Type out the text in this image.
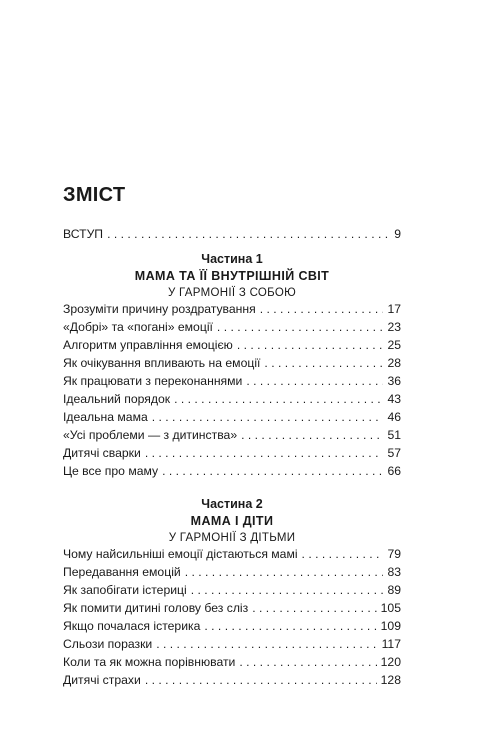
ЗМІСТ
ВСТУП . . .	9
Частина 1
МАМА ТА ЇЇ ВНУТРІШНІЙ СВІТ
У ГАРМОНІЇ З СОБОЮ
Зрозуміти причину роздратування . . .	17
«Добрі» та «погані» емоції . . .	23
Алгоритм управління емоцією . . .	25
Як очікування впливають на емоції . . .	28
Як працювати з переконаннями . . .	36
Ідеальний порядок . . .	43
Ідеальна мама . . .	46
«Усі проблеми — з дитинства» . . .	51
Дитячі сварки . . .	57
Це все про маму . . .	66
Частина 2
МАМА І ДІТИ
У ГАРМОНІЇ З ДІТЬМИ
Чому найсильніші емоції дістаються мамі . . .	79
Передавання емоцій . . .	83
Як запобігати істериці . . .	89
Як помити дитині голову без сліз . . .	105
Якщо почалася істерика . . .	109
Сльози поразки . . .	117
Коли та як можна порівнювати . . .	120
Дитячі страхи . . .	128
